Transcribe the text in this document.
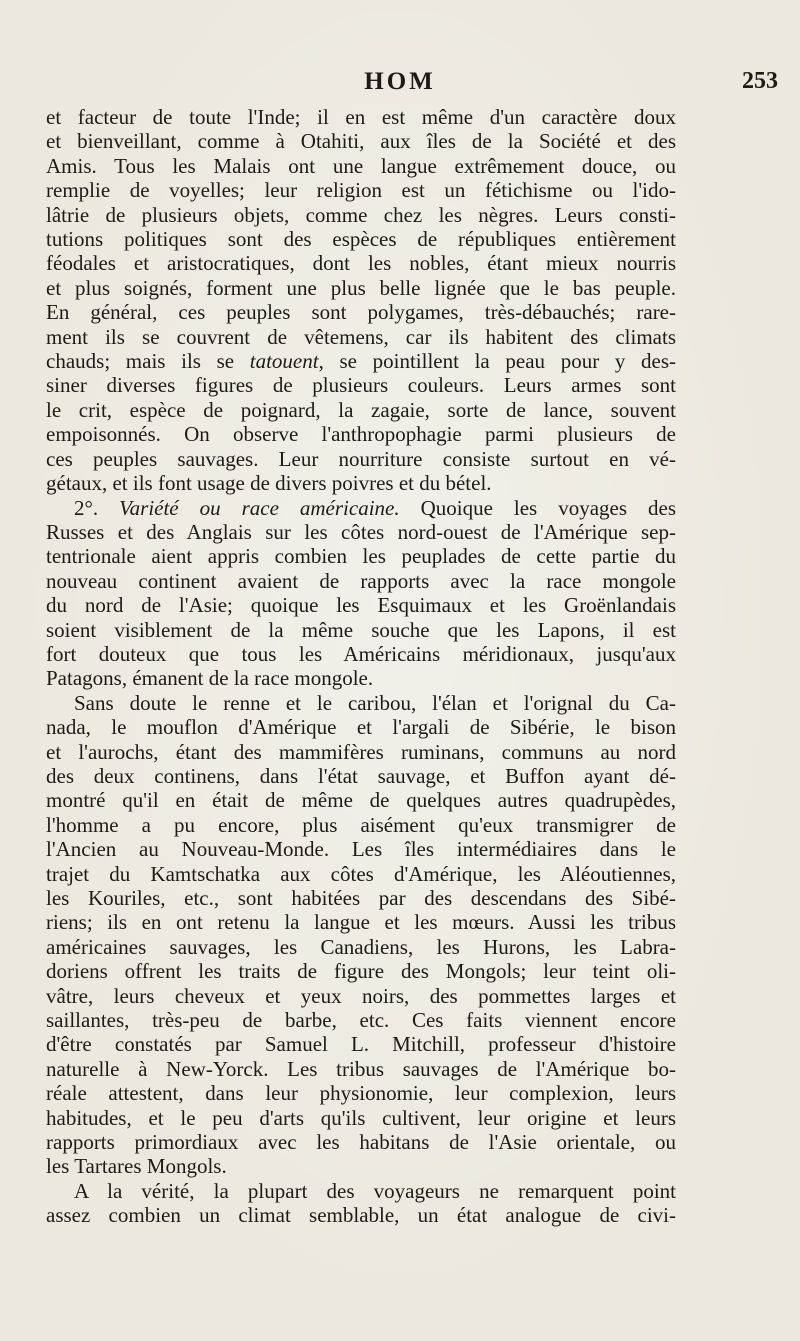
HOM	253
et facteur de toute l'Inde; il en est même d'un caractère doux
et bienveillant, comme à Otahiti, aux îles de la Société et des
Amis. Tous les Malais ont une langue extrêmement douce, ou
remplie de voyelles; leur religion est un fétichisme ou l'ido-
lâtrie de plusieurs objets, comme chez les nègres. Leurs consti-
tutions politiques sont des espèces de républiques entièrement
féodales et aristocratiques, dont les nobles, étant mieux nourris
et plus soignés, forment une plus belle lignée que le bas peuple.
En général, ces peuples sont polygames, très-débauchés; rare-
ment ils se couvrent de vêtemens, car ils habitent des climats
chauds; mais ils se tatouent, se pointillent la peau pour y des-
siner diverses figures de plusieurs couleurs. Leurs armes sont
le crit, espèce de poignard, la zagaie, sorte de lance, souvent
empoisonnés. On observe l'anthropophagie parmi plusieurs de
ces peuples sauvages. Leur nourriture consiste surtout en vé-
gétaux, et ils font usage de divers poivres et du bétel.
2°. Variété ou race américaine. Quoique les voyages des
Russes et des Anglais sur les côtes nord-ouest de l'Amérique sep-
tentrionale aient appris combien les peuplades de cette partie du
nouveau continent avaient de rapports avec la race mongole
du nord de l'Asie; quoique les Esquimaux et les Groënlandais
soient visiblement de la même souche que les Lapons, il est
fort douteux que tous les Américains méridionaux, jusqu'aux
Patagons, émanent de la race mongole.
Sans doute le renne et le caribou, l'élan et l'orignal du Ca-
nada, le mouflon d'Amérique et l'argali de Sibérie, le bison
et l'aurochs, étant des mammifères ruminans, communs au nord
des deux continens, dans l'état sauvage, et Buffon ayant dé-
montré qu'il en était de même de quelques autres quadrupèdes,
l'homme a pu encore, plus aisément qu'eux transmigrer de
l'Ancien au Nouveau-Monde. Les îles intermédiaires dans le
trajet du Kamtschatka aux côtes d'Amérique, les Aléoutiennes,
les Kouriles, etc., sont habitées par des descendans des Sibé-
riens; ils en ont retenu la langue et les mœurs. Aussi les tribus
américaines sauvages, les Canadiens, les Hurons, les Labra-
doriens offrent les traits de figure des Mongols; leur teint oli-
vâtre, leurs cheveux et yeux noirs, des pommettes larges et
saillantes, très-peu de barbe, etc. Ces faits viennent encore
d'être constatés par Samuel L. Mitchill, professeur d'histoire
naturelle à New-Yorck. Les tribus sauvages de l'Amérique bo-
réale attestent, dans leur physionomie, leur complexion, leurs
habitudes, et le peu d'arts qu'ils cultivent, leur origine et leurs
rapports primordiaux avec les habitans de l'Asie orientale, ou
les Tartares Mongols.
A la vérité, la plupart des voyageurs ne remarquent point
assez combien un climat semblable, un état analogue de civi-
